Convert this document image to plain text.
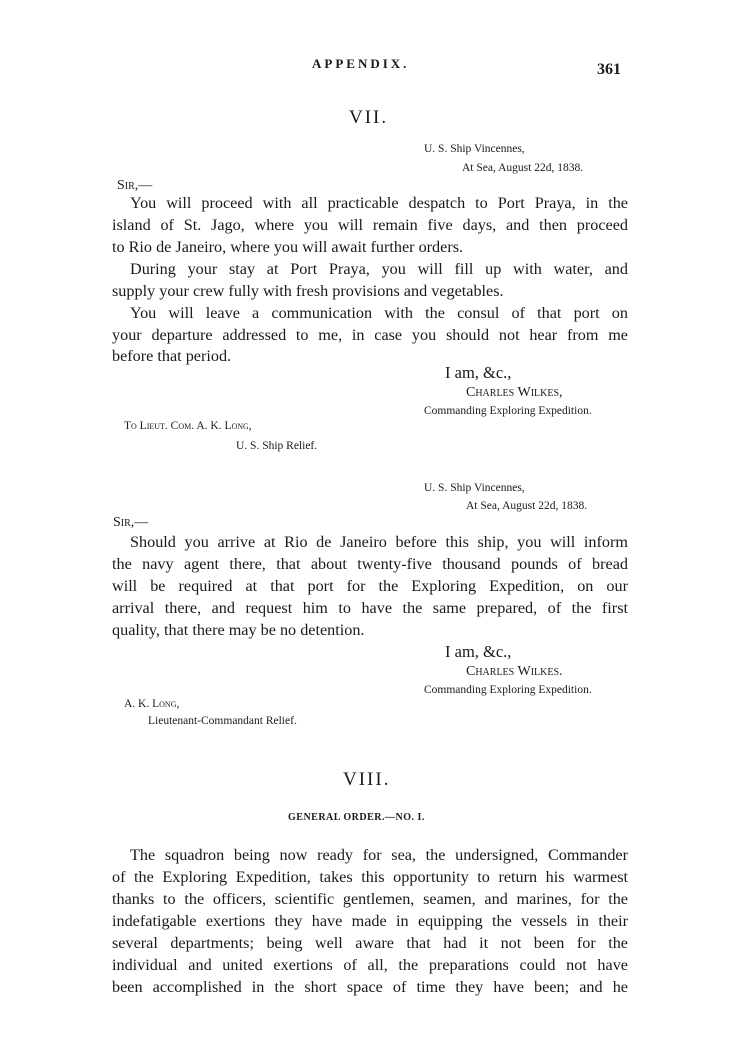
APPENDIX.	361
VII.
U. S. Ship Vincennes,
At Sea, August 22d, 1838.
Sir,—
You will proceed with all practicable despatch to Port Praya, in the
island of St. Jago, where you will remain five days, and then proceed
to Rio de Janeiro, where you will await further orders.
During your stay at Port Praya, you will fill up with water, and
supply your crew fully with fresh provisions and vegetables.
You will leave a communication with the consul of that port on
your departure addressed to me, in case you should not hear from me
before that period.
I am, &c.,
Charles Wilkes,
Commanding Exploring Expedition.
To Lieut. Com. A. K. Long,
U. S. Ship Relief.
U. S. Ship Vincennes,
At Sea, August 22d, 1838.
Sir,—
Should you arrive at Rio de Janeiro before this ship, you will inform
the navy agent there, that about twenty-five thousand pounds of bread
will be required at that port for the Exploring Expedition, on our
arrival there, and request him to have the same prepared, of the first
quality, that there may be no detention.
I am, &c.,
Charles Wilkes.
Commanding Exploring Expedition.
A. K. Long,
Lieutenant-Commandant Relief.
VIII.
GENERAL ORDER.—NO. I.
The squadron being now ready for sea, the undersigned, Commander
of the Exploring Expedition, takes this opportunity to return his warmest
thanks to the officers, scientific gentlemen, seamen, and marines, for the
indefatigable exertions they have made in equipping the vessels in their
several departments; being well aware that had it not been for the
individual and united exertions of all, the preparations could not have
been accomplished in the short space of time they have been; and he
